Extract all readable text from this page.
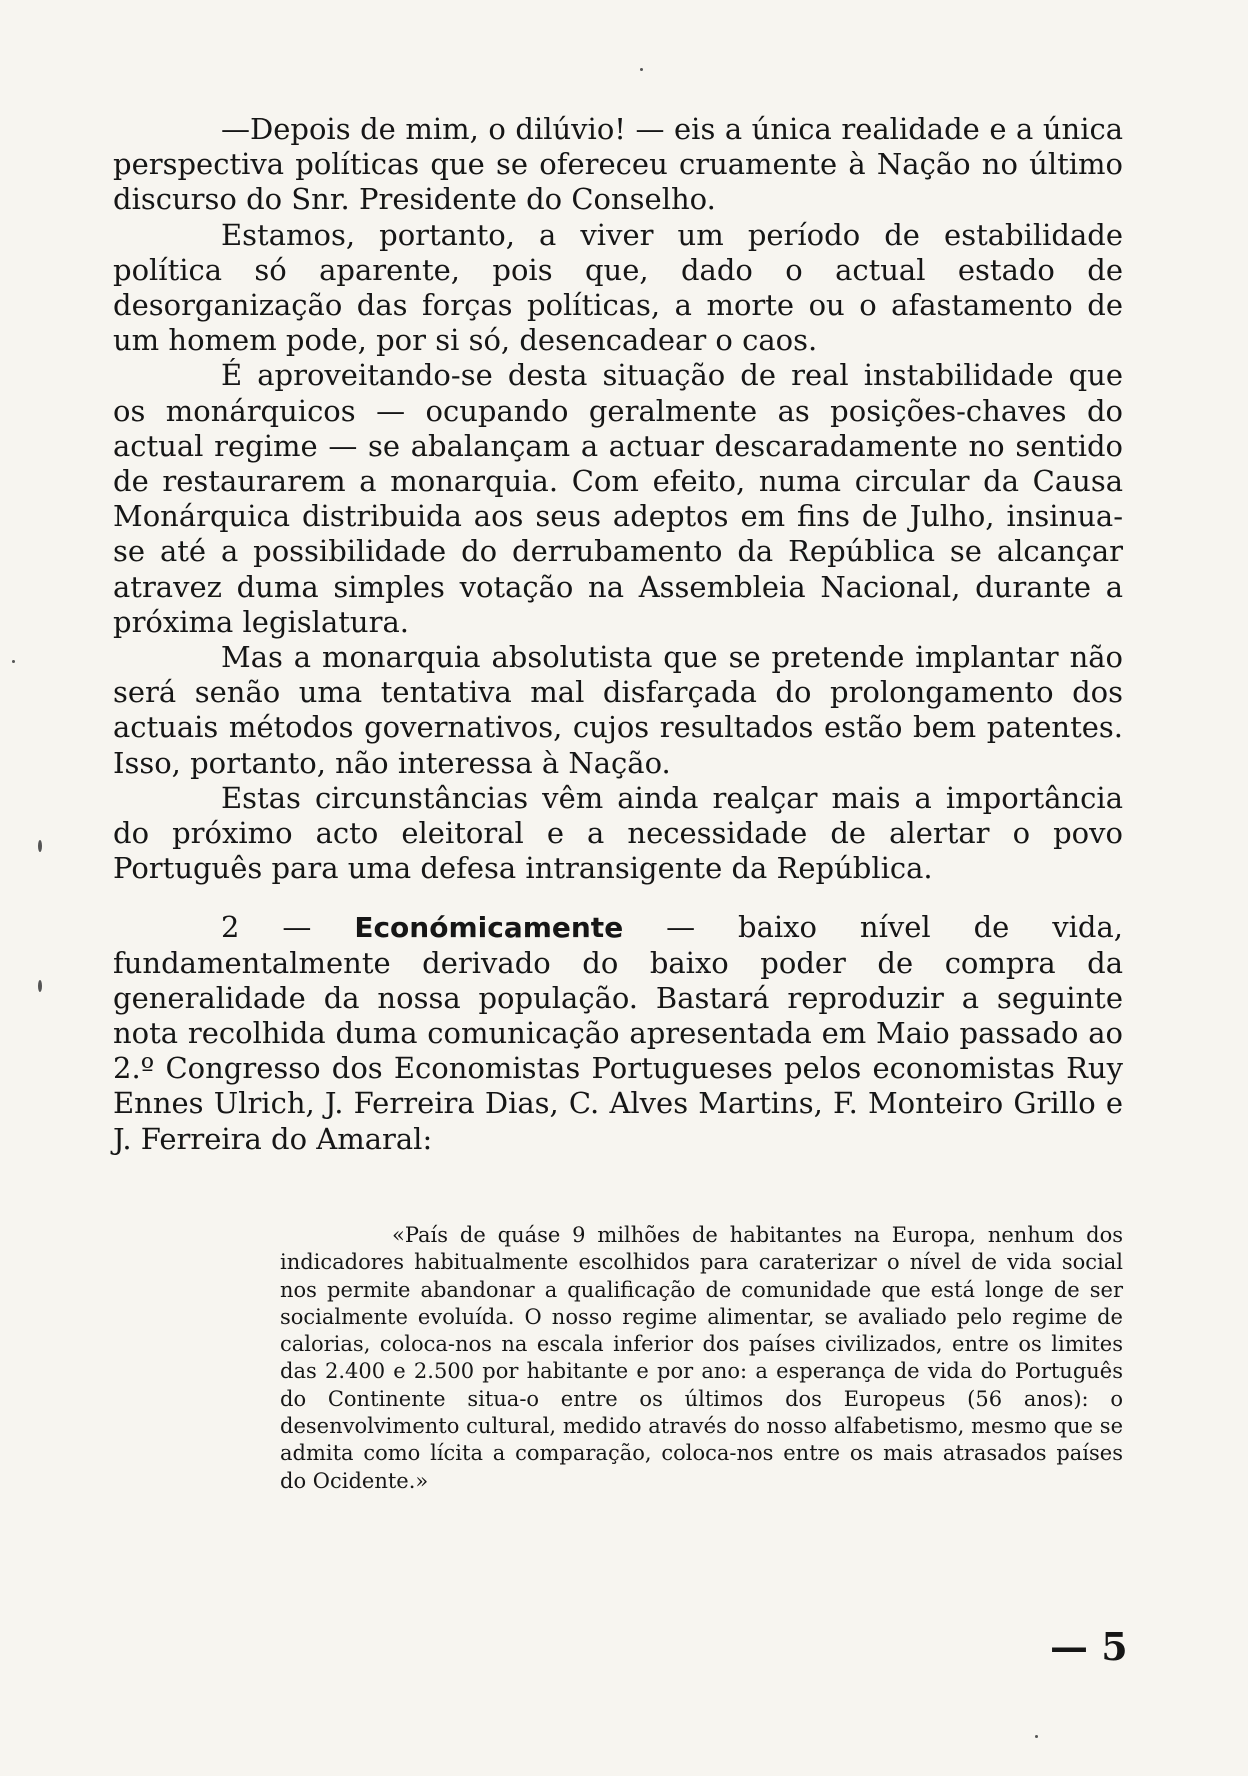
—Depois de mim, o dilúvio! — eis a única realidade e a única perspectiva políticas que se ofereceu cruamente à Nação no último discurso do Snr. Presidente do Conselho.

Estamos, portanto, a viver um período de estabilidade política só aparente, pois que, dado o actual estado de desorganização das forças políticas, a morte ou o afastamento de um homem pode, por si só, desencadear o caos.

É aproveitando-se desta situação de real instabilidade que os monárquicos — ocupando geralmente as posições-chaves do actual regime — se abalançam a actuar descaradamente no sentido de restaurarem a monarquia. Com efeito, numa circular da Causa Monárquica distribuida aos seus adeptos em fins de Julho, insinua-se até a possibilidade do derrubamento da República se alcançar atravez duma simples votação na Assembleia Nacional, durante a próxima legislatura.

Mas a monarquia absolutista que se pretende implantar não será senão uma tentativa mal disfarçada do prolongamento dos actuais métodos governativos, cujos resultados estão bem patentes. Isso, portanto, não interessa à Nação.

Estas circunstâncias vêm ainda realçar mais a importância do próximo acto eleitoral e a necessidade de alertar o povo Português para uma defesa intransigente da República.

2 — Económicamente — baixo nível de vida, fundamentalmente derivado do baixo poder de compra da generalidade da nossa população. Bastará reproduzir a seguinte nota recolhida duma comunicação apresentada em Maio passado ao 2.º Congresso dos Economistas Portugueses pelos economistas Ruy Ennes Ulrich, J. Ferreira Dias, C. Alves Martins, F. Monteiro Grillo e J. Ferreira do Amaral:

«País de quáse 9 milhões de habitantes na Europa, nenhum dos indicadores habitualmente escolhidos para caraterizar o nível de vida social nos permite abandonar a qualificação de comunidade que está longe de ser socialmente evoluída. O nosso regime alimentar, se avaliado pelo regime de calorias, coloca-nos na escala inferior dos países civilizados, entre os limites das 2.400 e 2.500 por habitante e por ano: a esperança de vida do Português do Continente situa-o entre os últimos dos Europeus (56 anos): o desenvolvimento cultural, medido através do nosso alfabetismo, mesmo que se admita como lícita a comparação, coloca-nos entre os mais atrasados países do Ocidente.»

— 5
